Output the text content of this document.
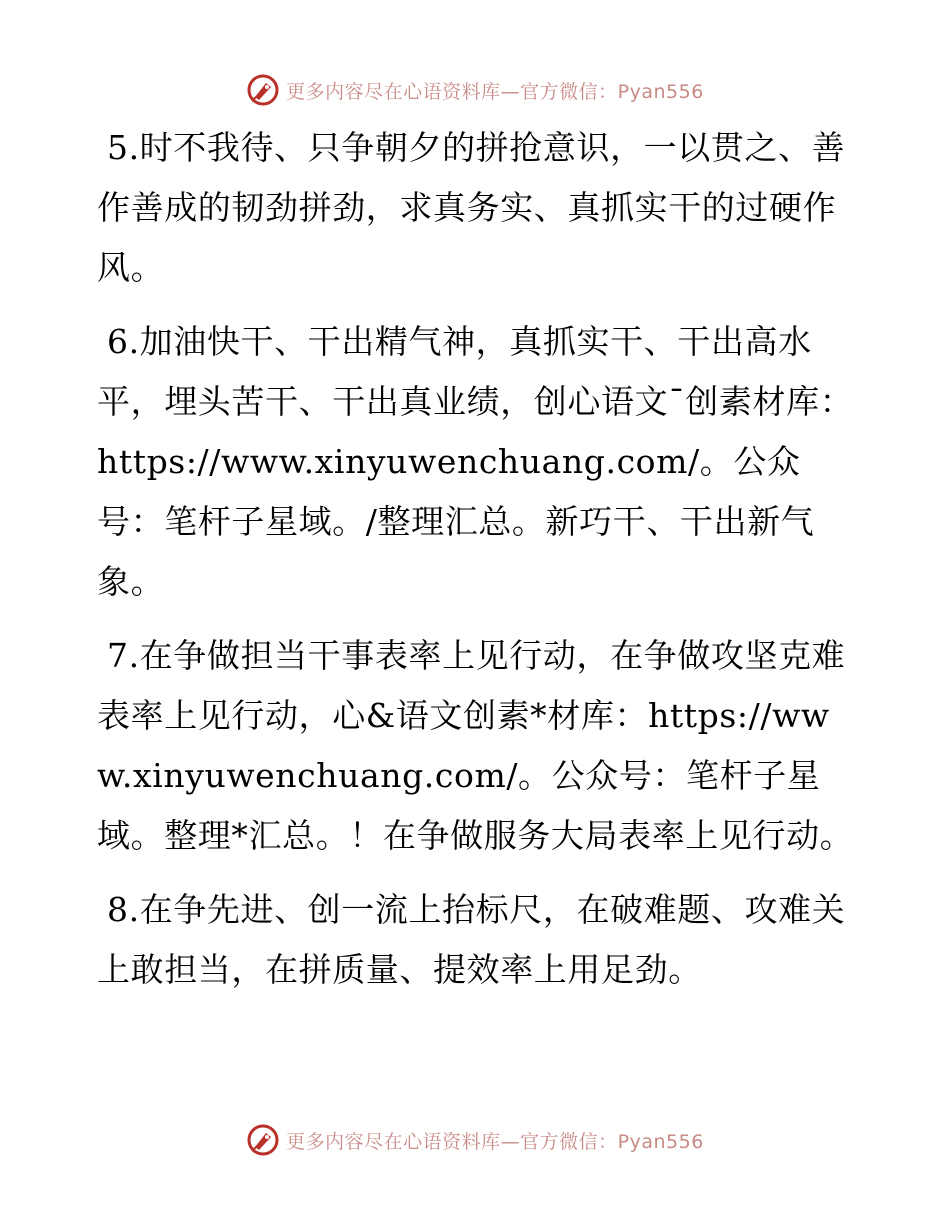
更多内容尽在心语资料库—官方微信：Pyan556

5.时不我待、只争朝夕的拼抢意识，一以贯之、善作善成的韧劲拼劲，求真务实、真抓实干的过硬作风。

6.加油快干、干出精气神，真抓实干、干出高水平，埋头苦干、干出真业绩，创心语文¯创素材库：https://www.xinyuwenchuang.com/。公众号：笔杆子星域。/整理汇总。新巧干、干出新气象。

7.在争做担当干事表率上见行动，在争做攻坚克难表率上见行动，心&语文创素*材库：https://www.xinyuwenchuang.com/。公众号：笔杆子星域。整理*汇总。！在争做服务大局表率上见行动。

8.在争先进、创一流上抬标尺，在破难题、攻难关上敢担当，在拼质量、提效率上用足劲。

更多内容尽在心语资料库—官方微信：Pyan556
